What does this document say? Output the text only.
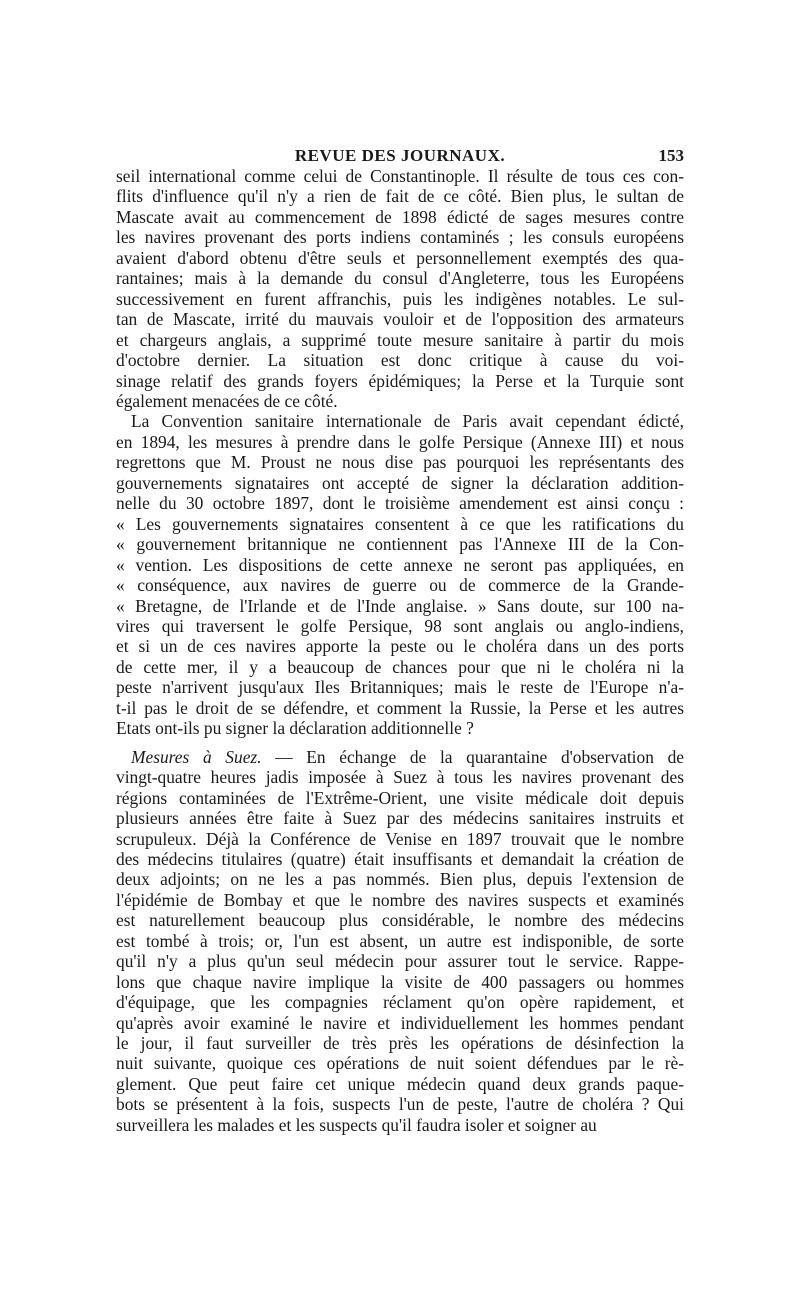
REVUE DES JOURNAUX.	153

seil international comme celui de Constantinople. Il résulte de tous ces con-
flits d'influence qu'il n'y a rien de fait de ce côté. Bien plus, le sultan de
Mascate avait au commencement de 1898 édicté de sages mesures contre
les navires provenant des ports indiens contaminés ; les consuls européens
avaient d'abord obtenu d'être seuls et personnellement exemptés des qua-
rantaines; mais à la demande du consul d'Angleterre, tous les Européens
successivement en furent affranchis, puis les indigènes notables. Le sul-
tan de Mascate, irrité du mauvais vouloir et de l'opposition des armateurs
et chargeurs anglais, a supprimé toute mesure sanitaire à partir du mois
d'octobre dernier. La situation est donc critique à cause du voi-
sinage relatif des grands foyers épidémiques; la Perse et la Turquie sont
également menacées de ce côté.

La Convention sanitaire internationale de Paris avait cependant édicté,
en 1894, les mesures à prendre dans le golfe Persique (Annexe III) et nous
regrettons que M. Proust ne nous dise pas pourquoi les représentants des
gouvernements signataires ont accepté de signer la déclaration addition-
nelle du 30 octobre 1897, dont le troisième amendement est ainsi conçu :
« Les gouvernements signataires consentent à ce que les ratifications du
« gouvernement britannique ne contiennent pas l'Annexe III de la Con-
« vention. Les dispositions de cette annexe ne seront pas appliquées, en
« conséquence, aux navires de guerre ou de commerce de la Grande-
« Bretagne, de l'Irlande et de l'Inde anglaise. » Sans doute, sur 100 na-
vires qui traversent le golfe Persique, 98 sont anglais ou anglo-indiens,
et si un de ces navires apporte la peste ou le choléra dans un des ports
de cette mer, il y a beaucoup de chances pour que ni le choléra ni la
peste n'arrivent jusqu'aux Iles Britanniques; mais le reste de l'Europe n'a-
t-il pas le droit de se défendre, et comment la Russie, la Perse et les autres
Etats ont-ils pu signer la déclaration additionnelle ?

Mesures à Suez. — En échange de la quarantaine d'observation de
vingt-quatre heures jadis imposée à Suez à tous les navires provenant des
régions contaminées de l'Extrême-Orient, une visite médicale doit depuis
plusieurs années être faite à Suez par des médecins sanitaires instruits et
scrupuleux. Déjà la Conférence de Venise en 1897 trouvait que le nombre
des médecins titulaires (quatre) était insuffisants et demandait la création de
deux adjoints; on ne les a pas nommés. Bien plus, depuis l'extension de
l'épidémie de Bombay et que le nombre des navires suspects et examinés
est naturellement beaucoup plus considérable, le nombre des médecins
est tombé à trois; or, l'un est absent, un autre est indisponible, de sorte
qu'il n'y a plus qu'un seul médecin pour assurer tout le service. Rappe-
lons que chaque navire implique la visite de 400 passagers ou hommes
d'équipage, que les compagnies réclament qu'on opère rapidement, et
qu'après avoir examiné le navire et individuellement les hommes pendant
le jour, il faut surveiller de très près les opérations de désinfection la
nuit suivante, quoique ces opérations de nuit soient défendues par le rè-
glement. Que peut faire cet unique médecin quand deux grands paque-
bots se présentent à la fois, suspects l'un de peste, l'autre de choléra ? Qui
surveillera les malades et les suspects qu'il faudra isoler et soigner au
